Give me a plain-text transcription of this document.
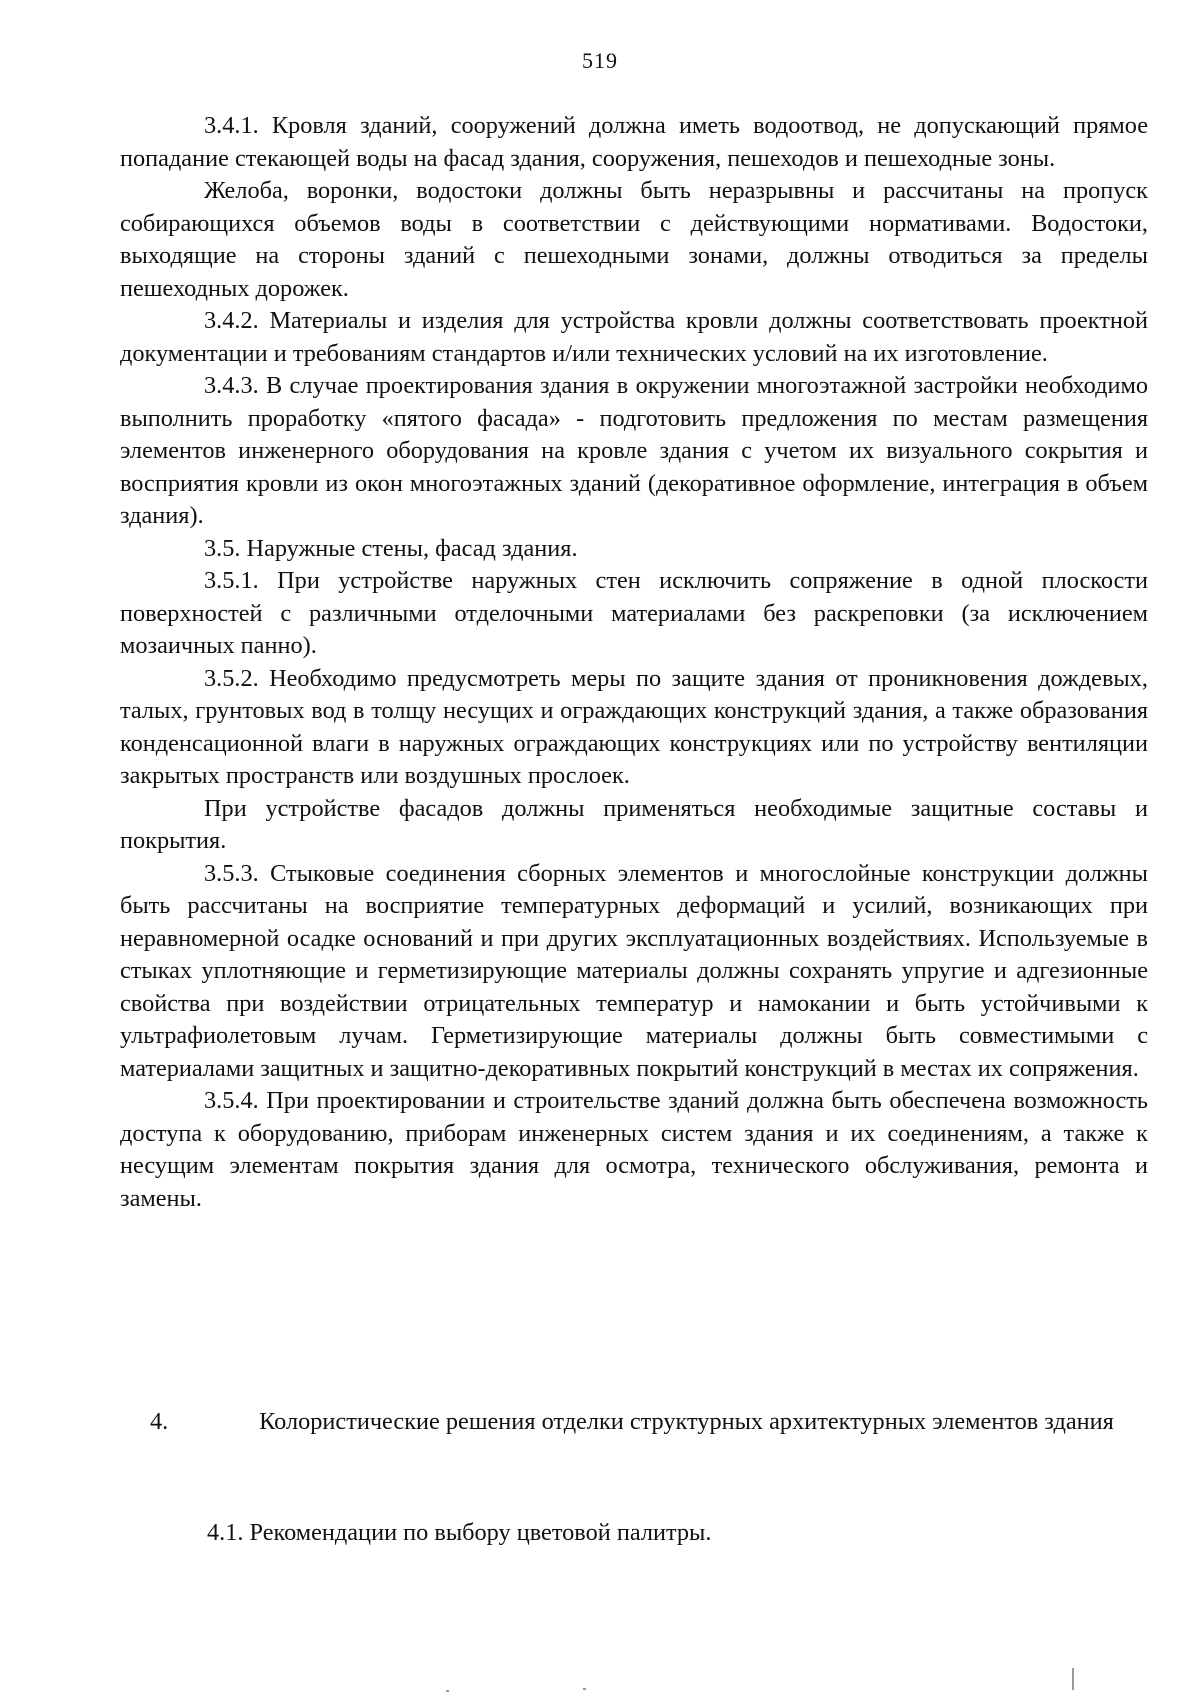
519

3.4.1. Кровля зданий, сооружений должна иметь водоотвод, не допускающий прямое попадание стекающей воды на фасад здания, сооружения, пешеходов и пешеходные зоны.

Желоба, воронки, водостоки должны быть неразрывны и рассчитаны на пропуск собирающихся объемов воды в соответствии с действующими нормативами. Водостоки, выходящие на стороны зданий с пешеходными зонами, должны отводиться за пределы пешеходных дорожек.

3.4.2. Материалы и изделия для устройства кровли должны соответствовать проектной документации и требованиям стандартов и/или технических условий на их изготовление.

3.4.3. В случае проектирования здания в окружении многоэтажной застройки необходимо выполнить проработку «пятого фасада» - подготовить предложения по местам размещения элементов инженерного оборудования на кровле здания с учетом их визуального сокрытия и восприятия кровли из окон многоэтажных зданий (декоративное оформление, интеграция в объем здания).

3.5. Наружные стены, фасад здания.

3.5.1. При устройстве наружных стен исключить сопряжение в одной плоскости поверхностей с различными отделочными материалами без раскреповки (за исключением мозаичных панно).

3.5.2. Необходимо предусмотреть меры по защите здания от проникновения дождевых, талых, грунтовых вод в толщу несущих и ограждающих конструкций здания, а также образования конденсационной влаги в наружных ограждающих конструкциях или по устройству вентиляции закрытых пространств или воздушных прослоек.

При устройстве фасадов должны применяться необходимые защитные составы и покрытия.

3.5.3. Стыковые соединения сборных элементов и многослойные конструкции должны быть рассчитаны на восприятие температурных деформаций и усилий, возникающих при неравномерной осадке оснований и при других эксплуатационных воздействиях. Используемые в стыках уплотняющие и герметизирующие материалы должны сохранять упругие и адгезионные свойства при воздействии отрицательных температур и намокании и быть устойчивыми к ультрафиолетовым лучам. Герметизирующие материалы должны быть совместимыми с материалами защитных и защитно-декоративных покрытий конструкций в местах их сопряжения.

3.5.4. При проектировании и строительстве зданий должна быть обеспечена возможность доступа к оборудованию, приборам инженерных систем здания и их соединениям, а также к несущим элементам покрытия здания для осмотра, технического обслуживания, ремонта и замены.

4.	Колористические решения отделки структурных архитектурных элементов здания
4.1. Рекомендации по выбору цветовой палитры.
